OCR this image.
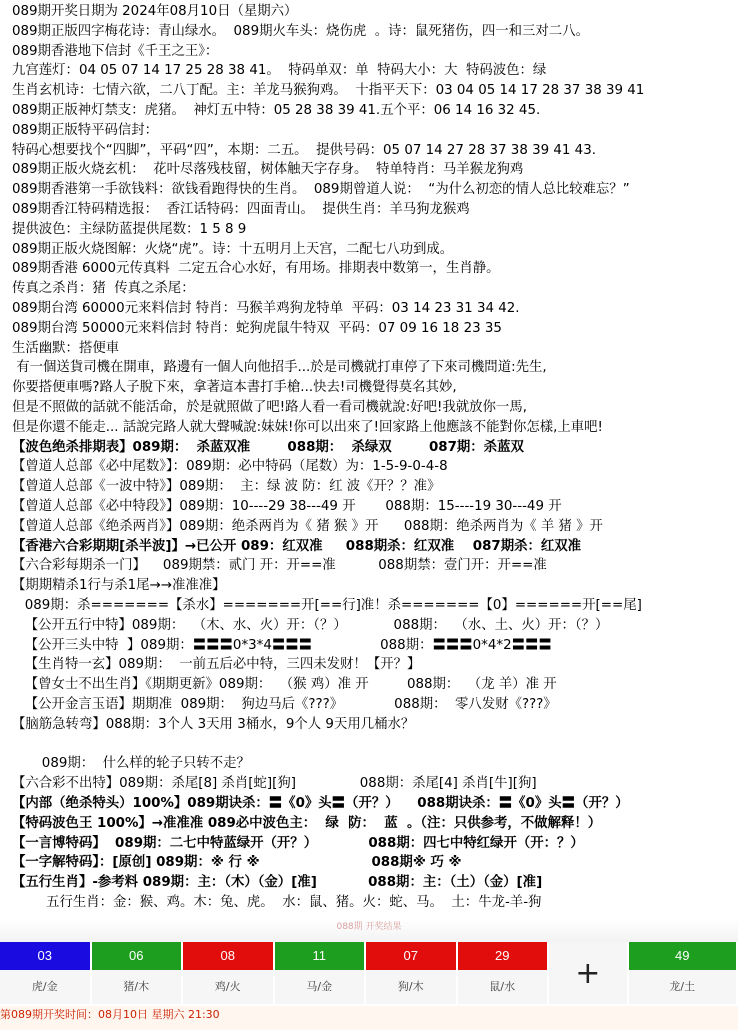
089期开奖日期为 2024年08月10日（星期六）
089期正版四字梅花诗：青山绿水。  089期火车头：烧伤虎  。诗：鼠死猪伤，四一和三对二八。
089期香港地下信封《千王之王》：
九宫莲灯：04 05 07 14 17 25 28 38 41。  特码单双：单  特码大小：大  特码波色：绿
生肖玄机诗：七情六欲，二八丁配。主：羊龙马猴狗鸡。  十指平天下：03 04 05 14 17 28 37 38 39 41
089期正版神灯禁支：虎猪。  神灯五中特：05 28 38 39 41.五个平：06 14 16 32 45.
089期正版特平码信封：
特码心想要找个“四脚”，平码“四”，本期：二五。  提供号码：05 07 14 27 28 37 38 39 41 43.
089期正版火烧玄机：  花叶尽落残枝留，树体触天字存身。  特单特肖：马羊猴龙狗鸡
089期香港第一手欲钱料：欲钱看跑得快的生肖。  089期曾道人说：  “为什么初恋的情人总比较难忘？”
089期香江特码精选报：  香江话特码：四面青山。  提供生肖：羊马狗龙猴鸡
提供波色：主绿防蓝提供尾数：1 5 8 9
089期正版火烧图解：火烧“虎”。诗：十五明月上天宫，二配七八功到成。
089期香港 6000元传真料  二定五合心水好，有用场。排期表中数第一，生肖静。
传真之杀肖：猪  传真之杀尾：
089期台湾 60000元来料信封 特肖：马猴羊鸡狗龙特单  平码：03 14 23 31 34 42.
089期台湾 50000元来料信封 特肖：蛇狗虎鼠牛特双  平码：07 09 16 18 23 35
生活幽默：搭便車
有一個送貨司機在開車，路邊有一個人向他招手...於是司機就打車停了下來司機問道:先生,
你要搭便車嗎?路人子脫下來，拿著這本書打手槍...快去!司機覺得莫名其妙,
但是不照做的話就不能活命，於是就照做了吧!路人看一看司機就說:好吧!我就放你一馬,
但是你還不能走... 話說完路人就大聲喊說:妹妹!你可以出來了!回家路上他應該不能對你怎樣,上車吧!
【波色绝杀排期表】089期：  杀蓝双准        088期：  杀绿双        087期：杀蓝双
【曾道人总部《必中尾数》】：089期：必中特码（尾数）为：1-5-9-0-4-8
【曾道人总部《一波中特》】089期：  主：绿 波 防：红 波《开？？准》
【曾道人总部《必中特段》】089期：10----29 38---49 开       088期：15----19 30---49 开
【曾道人总部《绝杀两肖》】089期：绝杀两肖为《 猪 猴 》开      088期：绝杀两肖为《 羊 猪 》开
【香港六合彩期期[杀半波]】→已公开 089：红双准     088期杀：红双准    087期杀：红双准
【六合彩每期杀一门】    089期禁：贰门 开：开==准          088期禁：壹门开：开==准
【期期精杀1行与杀1尾→→准准准】
089期：杀=======【杀水】=======开[==行]准！杀=======【0】======开[==尾]
【公开五行中特】089期：  （木、水、火）开：（？）           088期：  （水、土、火）开：（？）
【公开三头中特  】089期：〓〓〓0*3*4〓〓〓                088期：〓〓〓0*4*2〓〓〓
【生肖特一玄】089期：  一前五后必中特，三四未发财！【开？】
【曾女士不出生肖】《期期更新》089期：  （猴 鸡）准 开         088期：  （龙 羊）准 开
【公开金言玉语】期期准  089期：  狗边马后《???》            088期：  零八发财《???》
【脑筋急转弯】088期：3个人 3天用 3桶水，9个人 9天用几桶水？
089期：  什么样的轮子只转不走？
【六合彩不出特】089期：杀尾[8] 杀肖[蛇][狗]               088期：杀尾[4] 杀肖[牛][狗]
【内部（绝杀特头）100%】089期诀杀：〓《0》头〓（开？）    088期诀杀：〓《0》头〓（开？）
【特码波色王 100%】→准准准 089必中波色主：  绿  防：  蓝  。（注：只供参考，不做解释！）
【一言博特码】  089期：二七中特蓝绿开（开？）           088期：四七中特红绿开（开：？）
【一字解特码】：[原创] 089期：※ 行 ※                        088期※ 巧 ※
【五行生肖】-参考料 089期：主：（木）（金）[准]           088期：主：（土）（金）[准]
五行生肖：金：猴、鸡。木：兔、虎。  水：鼠、猪。火：蛇、马。  土：牛龙-羊-狗
088期 开奖结果
03
虎/金
06
猪/木
08
鸡/火
11
马/金
07
狗/木
29
鼠/水	+	49
龙/土
第089期开奖时间：08月10日 星期六 21:30
